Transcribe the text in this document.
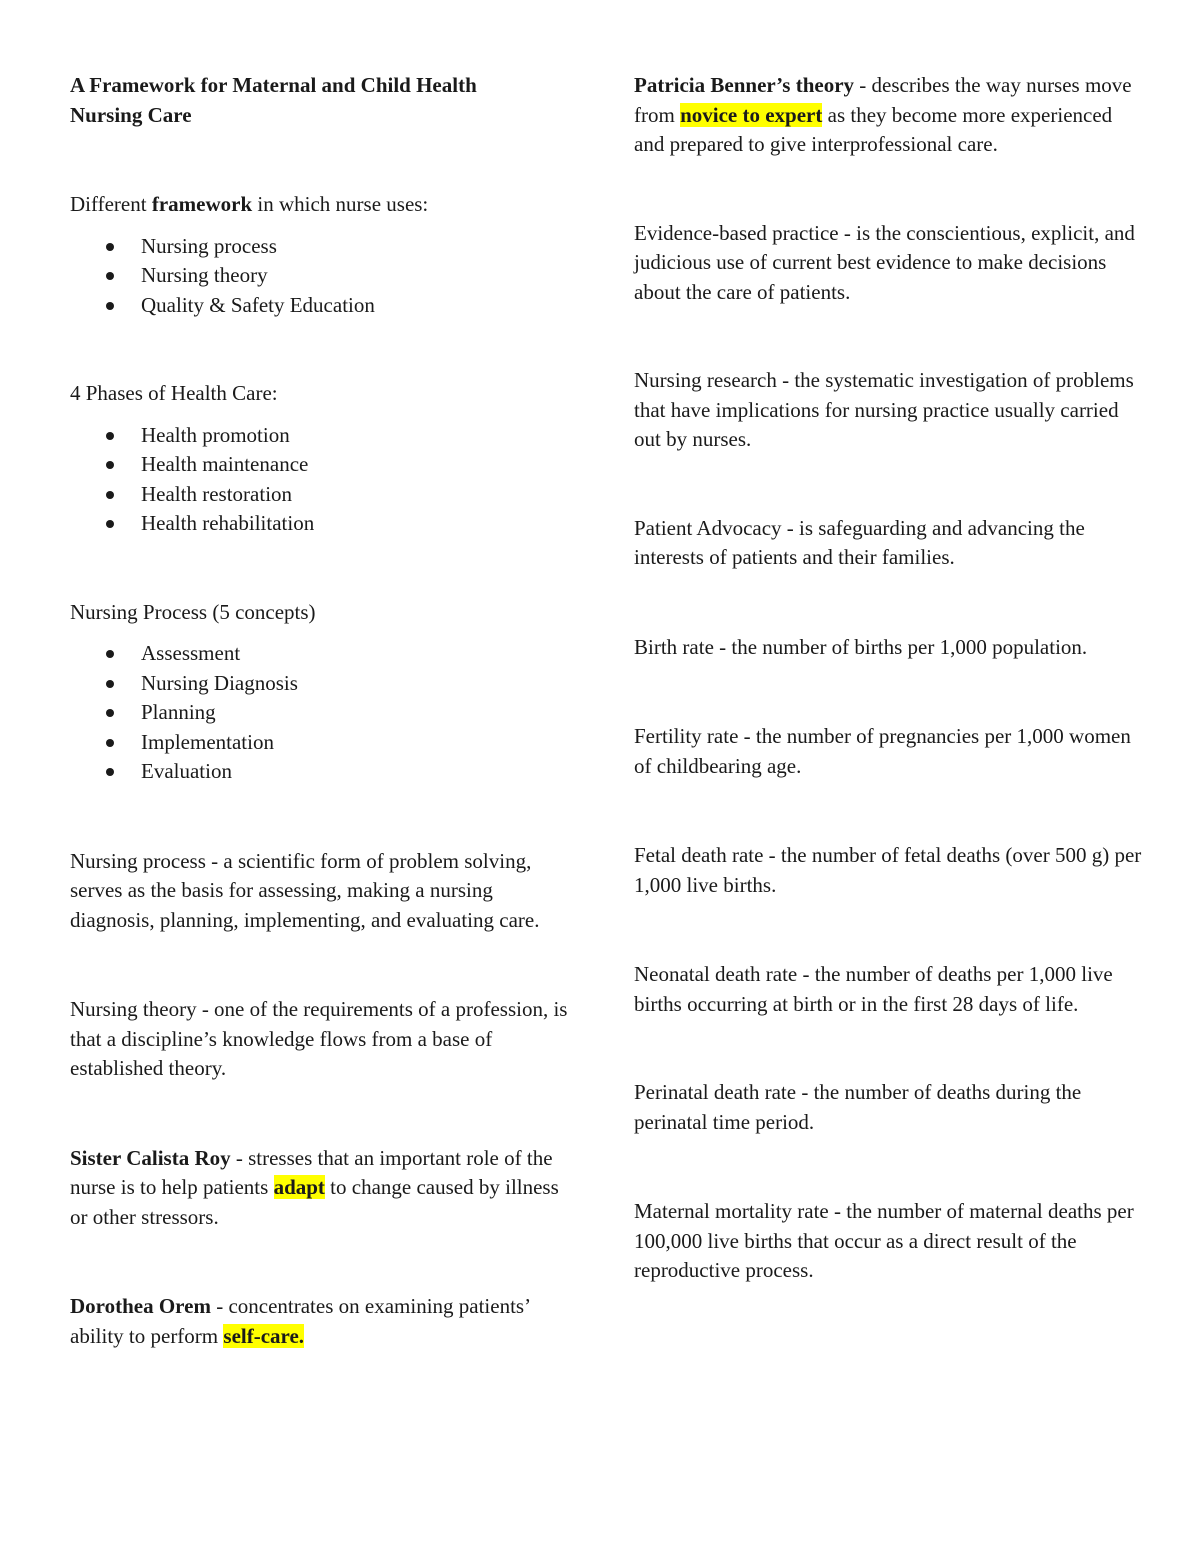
A Framework for Maternal and Child Health
Nursing Care

Different framework in which nurse uses:

Nursing process
Nursing theory
Quality & Safety Education

4 Phases of Health Care:

Health promotion
Health maintenance
Health restoration
Health rehabilitation

Nursing Process (5 concepts)

Assessment
Nursing Diagnosis
Planning
Implementation
Evaluation

Nursing process - a scientific form of problem solving, serves as the basis for assessing, making a nursing diagnosis, planning, implementing, and evaluating care.

Nursing theory - one of the requirements of a profession, is that a discipline’s knowledge flows from a base of established theory.

Sister Calista Roy - stresses that an important role of the nurse is to help patients adapt to change caused by illness or other stressors.

Dorothea Orem - concentrates on examining patients’ ability to perform self-care.

Patricia Benner’s theory - describes the way nurses move from novice to expert as they become more experienced and prepared to give interprofessional care.

Evidence-based practice - is the conscientious, explicit, and judicious use of current best evidence to make decisions about the care of patients.

Nursing research - the systematic investigation of problems that have implications for nursing practice usually carried out by nurses.

Patient Advocacy - is safeguarding and advancing the interests of patients and their families.

Birth rate - the number of births per 1,000 population.

Fertility rate - the number of pregnancies per 1,000 women of childbearing age.

Fetal death rate - the number of fetal deaths (over 500 g) per 1,000 live births.

Neonatal death rate - the number of deaths per 1,000 live births occurring at birth or in the first 28 days of life.

Perinatal death rate - the number of deaths during the perinatal time period.

Maternal mortality rate - the number of maternal deaths per 100,000 live births that occur as a direct result of the reproductive process.
